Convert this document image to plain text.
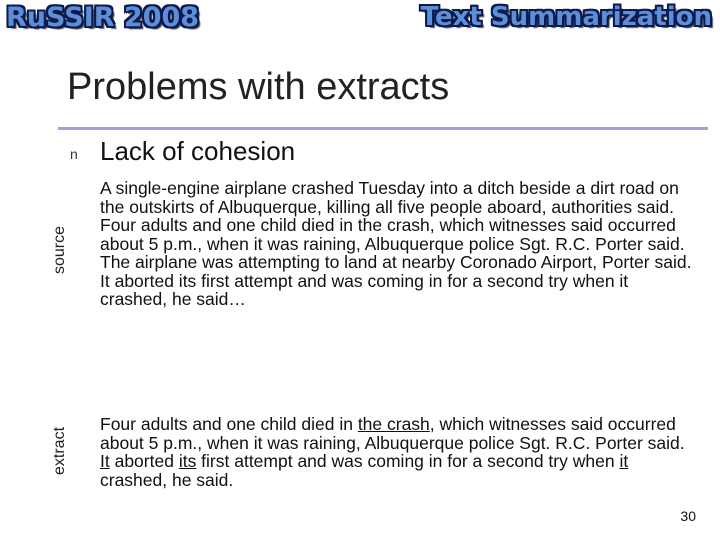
RuSSIR 2008	Text Summarization
Problems with extracts
n Lack of cohesion
source
extract

A single-engine airplane crashed Tuesday into a ditch beside a dirt road on the outskirts of Albuquerque, killing all five people aboard, authorities said.

Four adults and one child died in the crash, which witnesses said occurred about 5 p.m., when it was raining, Albuquerque police Sgt. R.C. Porter said.

The airplane was attempting to land at nearby Coronado Airport, Porter said.

It aborted its first attempt and was coming in for a second try when it crashed, he said…

Four adults and one child died in the crash, which witnesses said occurred about 5 p.m., when it was raining, Albuquerque police Sgt. R.C. Porter said.

It aborted its first attempt and was coming in for a second try when it crashed, he said.

30
